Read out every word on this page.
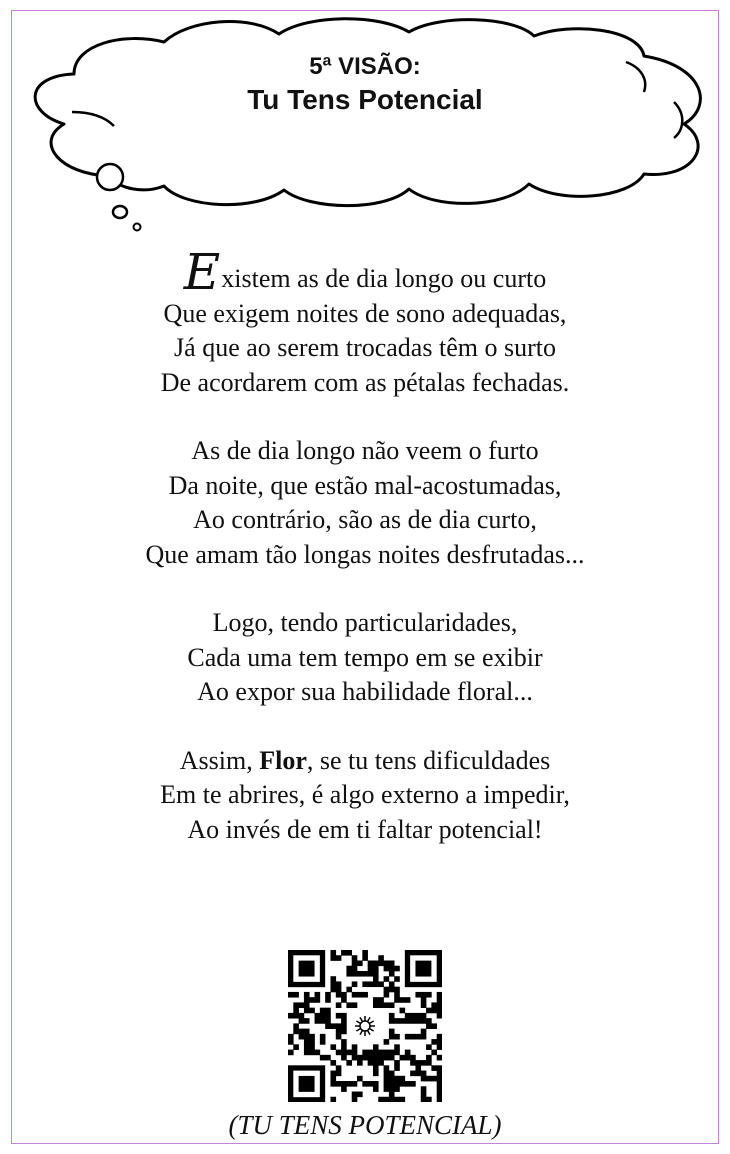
5ª VISÃO:
Tu Tens Potencial
Existem as de dia longo ou curto
Que exigem noites de sono adequadas,
Já que ao serem trocadas têm o surto
De acordarem com as pétalas fechadas.
As de dia longo não veem o furto
Da noite, que estão mal-acostumadas,
Ao contrário, são as de dia curto,
Que amam tão longas noites desfrutadas...
Logo, tendo particularidades,
Cada uma tem tempo em se exibir
Ao expor sua habilidade floral...
Assim, Flor, se tu tens dificuldades
Em te abrires, é algo externo a impedir,
Ao invés de em ti faltar potencial!
(TU TENS POTENCIAL)
